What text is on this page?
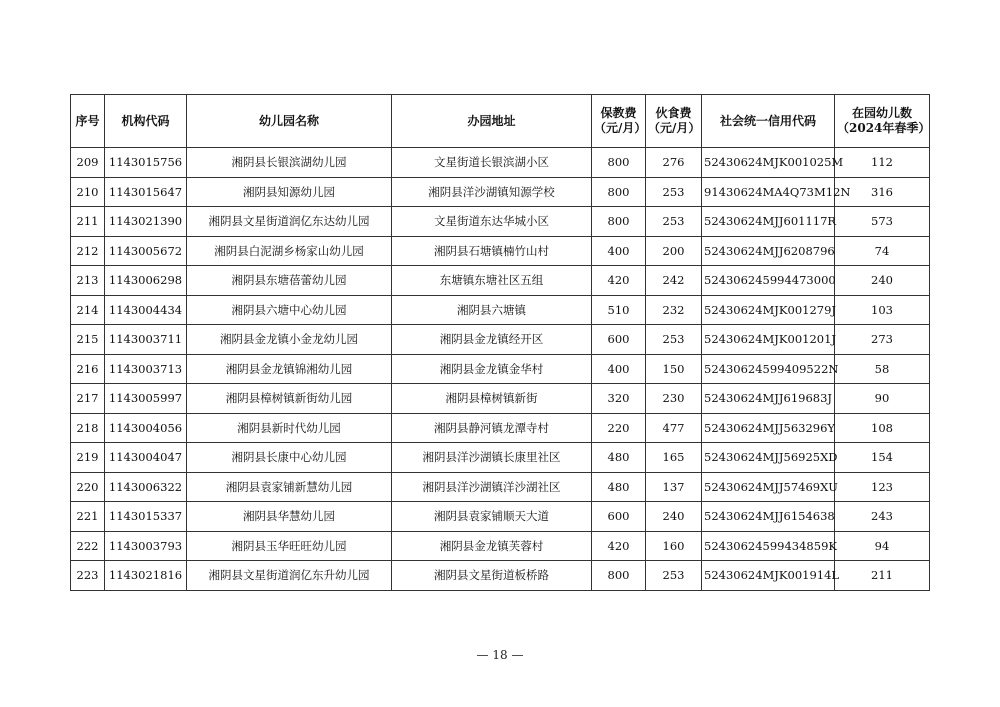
序号	机构代码	幼儿园名称	办园地址	保教费（元/月）	伙食费（元/月）	社会统一信用代码	在园幼儿数（2024年春季）
209	1143015756	湘阴县长银滨湖幼儿园	文星街道长银滨湖小区	800	276	52430624MJK001025M	112
210	1143015647	湘阴县知源幼儿园	湘阴县洋沙湖镇知源学校	800	253	91430624MA4Q73M12N	316
211	1143021390	湘阴县文星街道润亿东达幼儿园	文星街道东达华城小区	800	253	52430624MJJ601117R	573
212	1143005672	湘阴县白泥湖乡杨家山幼儿园	湘阴县石塘镇楠竹山村	400	200	52430624MJJ6208796	74
213	1143006298	湘阴县东塘蓓蕾幼儿园	东塘镇东塘社区五组	420	242	524306245994473000	240
214	1143004434	湘阴县六塘中心幼儿园	湘阴县六塘镇	510	232	52430624MJK001279J	103
215	1143003711	湘阴县金龙镇小金龙幼儿园	湘阴县金龙镇经开区	600	253	52430624MJK001201J	273
216	1143003713	湘阴县金龙镇锦湘幼儿园	湘阴县金龙镇金华村	400	150	52430624599409522N	58
217	1143005997	湘阴县樟树镇新街幼儿园	湘阴县樟树镇新街	320	230	52430624MJJ619683J	90
218	1143004056	湘阴县新时代幼儿园	湘阴县静河镇龙潭寺村	220	477	52430624MJJ563296Y	108
219	1143004047	湘阴县长康中心幼儿园	湘阴县洋沙湖镇长康里社区	480	165	52430624MJJ56925XD	154
220	1143006322	湘阴县袁家铺新慧幼儿园	湘阴县洋沙湖镇洋沙湖社区	480	137	52430624MJJ57469XU	123
221	1143015337	湘阴县华慧幼儿园	湘阴县袁家铺顺天大道	600	240	52430624MJJ6154638	243
222	1143003793	湘阴县玉华旺旺幼儿园	湘阴县金龙镇芙蓉村	420	160	52430624599434859K	94
223	1143021816	湘阴县文星街道润亿东升幼儿园	湘阴县文星街道板桥路	800	253	52430624MJK001914L	211
— 18 —
